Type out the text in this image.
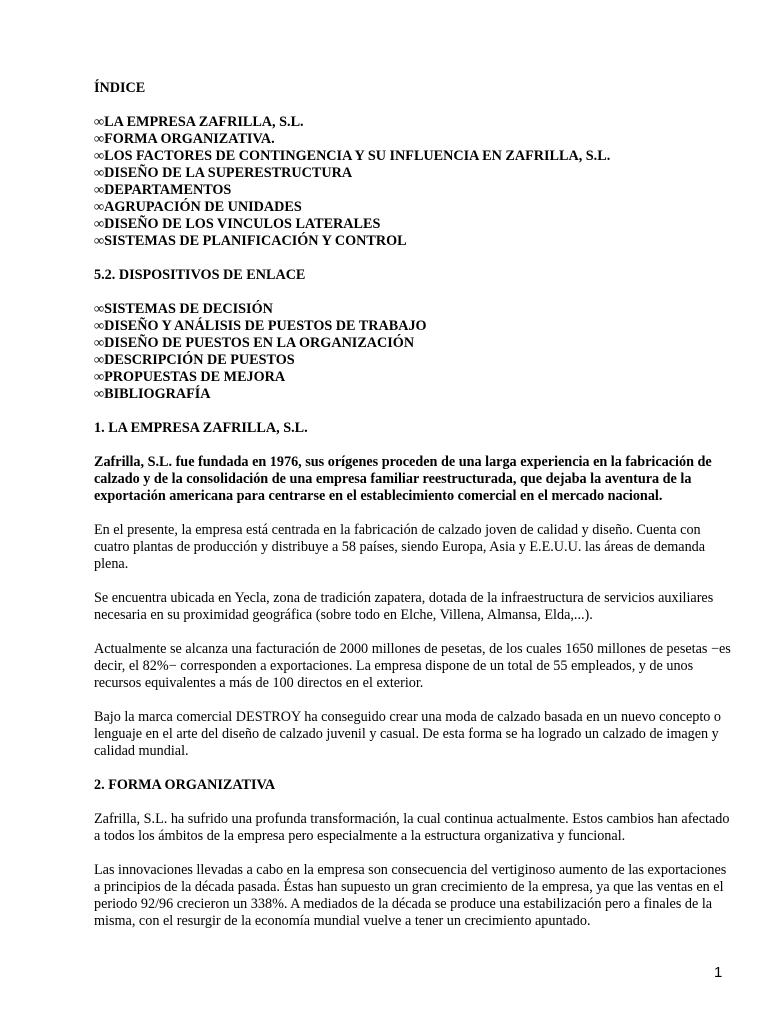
ÍNDICE

∞LA EMPRESA ZAFRILLA, S.L.
∞FORMA ORGANIZATIVA.
∞LOS FACTORES DE CONTINGENCIA Y SU INFLUENCIA EN ZAFRILLA, S.L.
∞DISEÑO DE LA SUPERESTRUCTURA
∞DEPARTAMENTOS
∞AGRUPACIÓN DE UNIDADES
∞DISEÑO DE LOS VINCULOS LATERALES
∞SISTEMAS DE PLANIFICACIÓN Y CONTROL

5.2. DISPOSITIVOS DE ENLACE

∞SISTEMAS DE DECISIÓN
∞DISEÑO Y ANÁLISIS DE PUESTOS DE TRABAJO
∞DISEÑO DE PUESTOS EN LA ORGANIZACIÓN
∞DESCRIPCIÓN DE PUESTOS
∞PROPUESTAS DE MEJORA
∞BIBLIOGRAFÍA

1. LA EMPRESA ZAFRILLA, S.L.

Zafrilla, S.L. fue fundada en 1976, sus orígenes proceden de una larga experiencia en la fabricación de calzado y de la consolidación de una empresa familiar reestructurada, que dejaba la aventura de la exportación americana para centrarse en el establecimiento comercial en el mercado nacional.

En el presente, la empresa está centrada en la fabricación de calzado joven de calidad y diseño. Cuenta con cuatro plantas de producción y distribuye a 58 países, siendo Europa, Asia y E.E.U.U. las áreas de demanda plena.

Se encuentra ubicada en Yecla, zona de tradición zapatera, dotada de la infraestructura de servicios auxiliares necesaria en su proximidad geográfica (sobre todo en Elche, Villena, Almansa, Elda,...).

Actualmente se alcanza una facturación de 2000 millones de pesetas, de los cuales 1650 millones de pesetas −es decir, el 82%− corresponden a exportaciones. La empresa dispone de un total de 55 empleados, y de unos recursos equivalentes a más de 100 directos en el exterior.

Bajo la marca comercial DESTROY ha conseguido crear una moda de calzado basada en un nuevo concepto o lenguaje en el arte del diseño de calzado juvenil y casual. De esta forma se ha logrado un calzado de imagen y calidad mundial.

2. FORMA ORGANIZATIVA

Zafrilla, S.L. ha sufrido una profunda transformación, la cual continua actualmente. Estos cambios han afectado a todos los ámbitos de la empresa pero especialmente a la estructura organizativa y funcional.

Las innovaciones llevadas a cabo en la empresa son consecuencia del vertiginoso aumento de las exportaciones a principios de la década pasada. Éstas han supuesto un gran crecimiento de la empresa, ya que las ventas en el periodo 92/96 crecieron un 338%. A mediados de la década se produce una estabilización pero a finales de la misma, con el resurgir de la economía mundial vuelve a tener un crecimiento apuntado.

1
